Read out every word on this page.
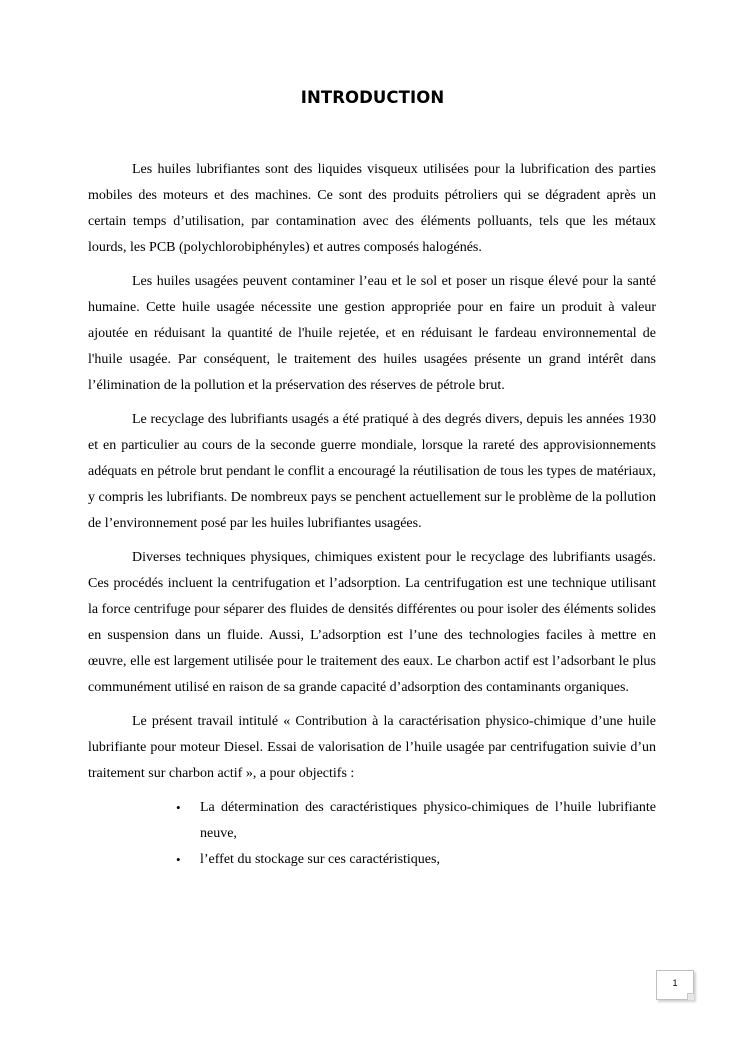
INTRODUCTION

Les huiles lubrifiantes sont des liquides visqueux utilisées pour la lubrification des parties mobiles des moteurs et des machines. Ce sont des produits pétroliers qui se dégradent après un certain temps d’utilisation, par contamination avec des éléments polluants, tels que les métaux lourds, les PCB (polychlorobiphényles) et autres composés halogénés.

Les huiles usagées peuvent contaminer l’eau et le sol et poser un risque élevé pour la santé humaine. Cette huile usagée nécessite une gestion appropriée pour en faire un produit à valeur ajoutée en réduisant la quantité de l'huile rejetée, et en réduisant le fardeau environnemental de l'huile usagée. Par conséquent, le traitement des huiles usagées présente un grand intérêt dans l’élimination de la pollution et la préservation des réserves de pétrole brut.

Le recyclage des lubrifiants usagés a été pratiqué à des degrés divers, depuis les années 1930 et en particulier au cours de la seconde guerre mondiale, lorsque la rareté des approvisionnements adéquats en pétrole brut pendant le conflit a encouragé la réutilisation de tous les types de matériaux, y compris les lubrifiants. De nombreux pays se penchent actuellement sur le problème de la pollution de l’environnement posé par les huiles lubrifiantes usagées.

Diverses techniques physiques, chimiques existent pour le recyclage des lubrifiants usagés. Ces procédés incluent la centrifugation et l’adsorption. La centrifugation est une technique utilisant la force centrifuge pour séparer des fluides de densités différentes ou pour isoler des éléments solides en suspension dans un fluide. Aussi, L’adsorption est l’une des technologies faciles à mettre en œuvre, elle est largement utilisée pour le traitement des eaux. Le charbon actif est l’adsorbant le plus communément utilisé en raison de sa grande capacité d’adsorption des contaminants organiques.

Le présent travail intitulé « Contribution à la caractérisation physico-chimique d’une huile lubrifiante pour moteur Diesel. Essai de valorisation de l’huile usagée par centrifugation suivie d’un traitement sur charbon actif », a pour objectifs :

• La détermination des caractéristiques physico-chimiques de l’huile lubrifiante neuve,
• l’effet du stockage sur ces caractéristiques,
1
